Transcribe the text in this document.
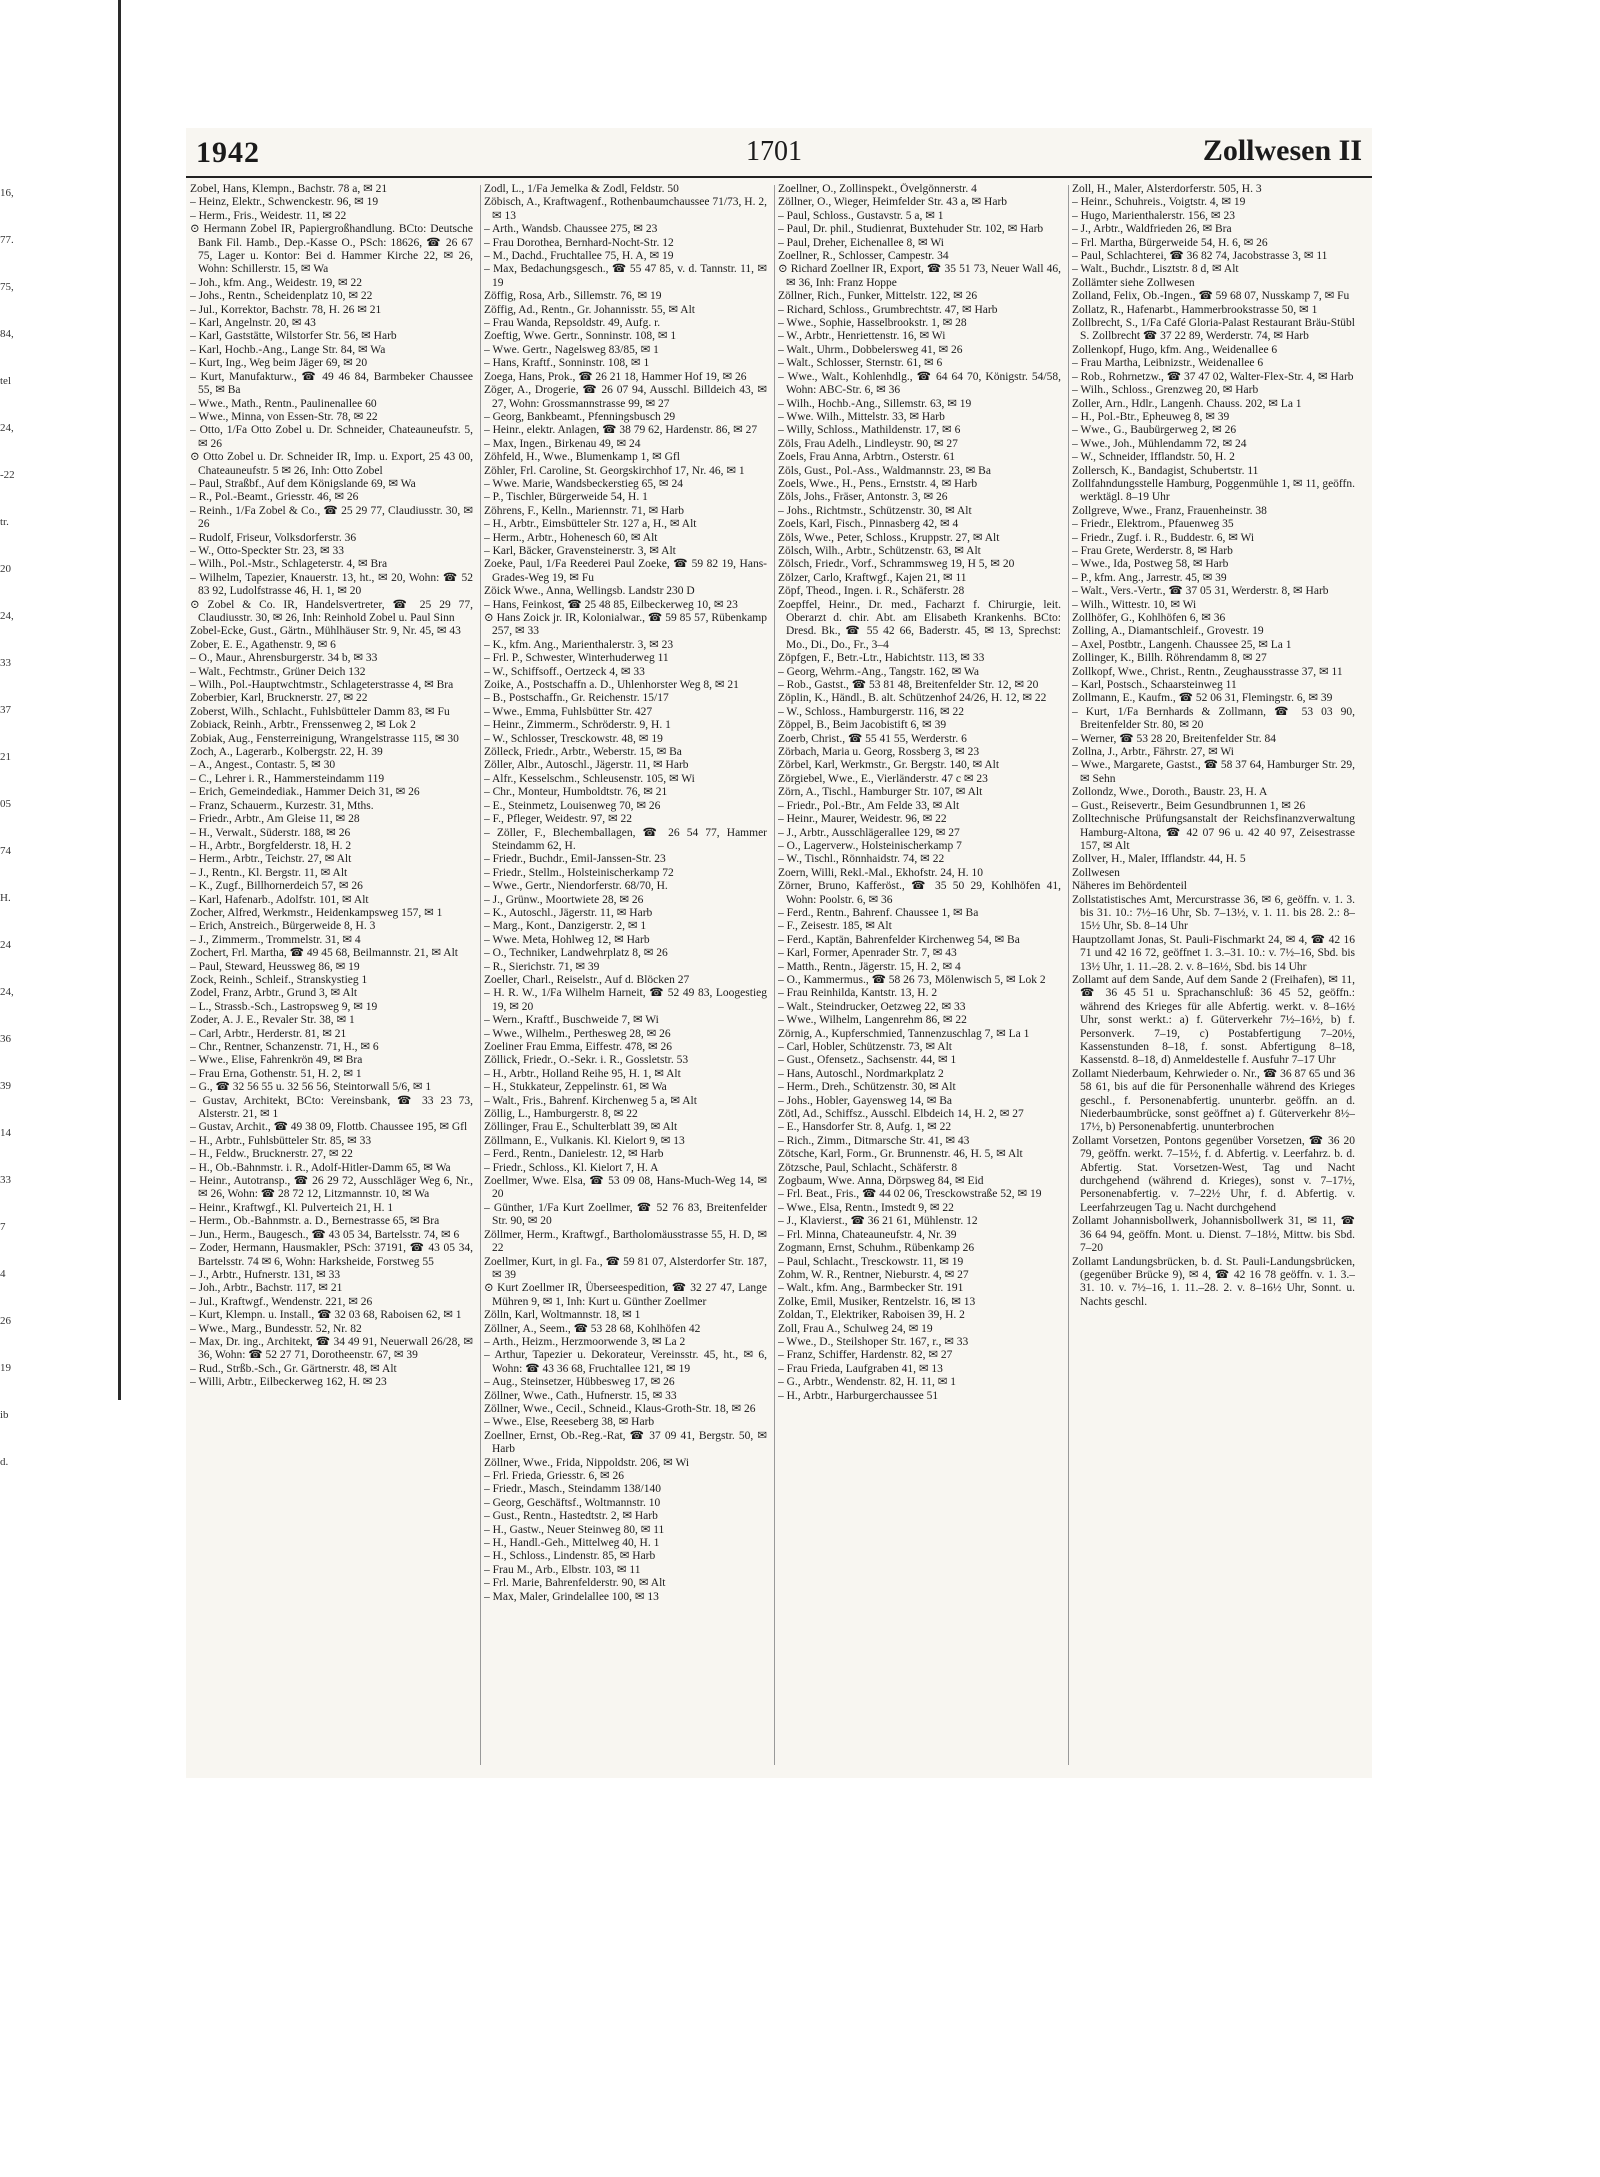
16,
77.
75,
84,
tel
24,
-22
tr.
20
24,
33
37
21
05
74
H.
24
24,
36
39
14
33
7
4
26
19
ib
d.
1942	1701	Zollwesen II

Zobel, Hans, Klempn., Bachstr. 78 a, ✉ 21

– Heinz, Elektr., Schwenckestr. 96, ✉ 19

– Herm., Fris., Weidestr. 11, ✉ 22

⊙ Hermann Zobel IR, Papiergroßhandlung. BCto: Deutsche Bank Fil. Hamb., Dep.-Kasse O., PSch: 18626, ☎ 26 67 75, Lager u. Kontor: Bei d. Hammer Kirche 22, ✉ 26, Wohn: Schillerstr. 15, ✉ Wa

– Joh., kfm. Ang., Weidestr. 19, ✉ 22

– Johs., Rentn., Scheidenplatz 10, ✉ 22

– Jul., Korrektor, Bachstr. 78, H. 26 ✉ 21

– Karl, Angelnstr. 20, ✉ 43

– Karl, Gaststätte, Wilstorfer Str. 56, ✉ Harb

– Karl, Hochb.-Ang., Lange Str. 84, ✉ Wa

– Kurt, Ing., Weg beim Jäger 69, ✉ 20

– Kurt, Manufakturw., ☎ 49 46 84, Barmbeker Chaussee 55, ✉ Ba

– Wwe., Math., Rentn., Paulinenallee 60

– Wwe., Minna, von Essen-Str. 78, ✉ 22

– Otto, 1/Fa Otto Zobel u. Dr. Schneider, Chateauneufstr. 5, ✉ 26

⊙ Otto Zobel u. Dr. Schneider IR, Imp. u. Export, 25 43 00, Chateauneufstr. 5 ✉ 26, Inh: Otto Zobel

– Paul, Straßbf., Auf dem Königslande 69, ✉ Wa

– R., Pol.-Beamt., Griesstr. 46, ✉ 26

– Reinh., 1/Fa Zobel & Co., ☎ 25 29 77, Claudiusstr. 30, ✉ 26

– Rudolf, Friseur, Volksdorferstr. 36

– W., Otto-Speckter Str. 23, ✉ 33

– Wilh., Pol.-Mstr., Schlageterstr. 4, ✉ Bra

– Wilhelm, Tapezier, Knauerstr. 13, ht., ✉ 20, Wohn: ☎ 52 83 92, Ludolfstrasse 46, H. 1, ✉ 20

⊙ Zobel & Co. IR, Handelsvertreter, ☎ 25 29 77, Claudiusstr. 30, ✉ 26, Inh: Reinhold Zobel u. Paul Sinn

Zobel-Ecke, Gust., Gärtn., Mühlhäuser Str. 9, Nr. 45, ✉ 43

Zober, E. E., Agathenstr. 9, ✉ 6

– O., Maur., Ahrensburgerstr. 34 b, ✉ 33

– Walt., Fechtmstr., Grüner Deich 132

– Wilh., Pol.-Hauptwchtmstr., Schlageterstrasse 4, ✉ Bra

Zoberbier, Karl, Brucknerstr. 27, ✉ 22

Zoberst, Wilh., Schlacht., Fuhlsbütteler Damm 83, ✉ Fu

Zobiack, Reinh., Arbtr., Frenssenweg 2, ✉ Lok 2

Zobiak, Aug., Fensterreinigung, Wrangelstrasse 115, ✉ 30

Zoch, A., Lagerarb., Kolbergstr. 22, H. 39

– A., Angest., Contastr. 5, ✉ 30

– C., Lehrer i. R., Hammersteindamm 119

– Erich, Gemeindediak., Hammer Deich 31, ✉ 26

– Franz, Schauerm., Kurzestr. 31, Mths.

– Friedr., Arbtr., Am Gleise 11, ✉ 28

– H., Verwalt., Süderstr. 188, ✉ 26

– H., Arbtr., Borgfelderstr. 18, H. 2

– Herm., Arbtr., Teichstr. 27, ✉ Alt

– J., Rentn., Kl. Bergstr. 11, ✉ Alt

– K., Zugf., Billhornerdeich 57, ✉ 26

– Karl, Hafenarb., Adolfstr. 101, ✉ Alt

Zocher, Alfred, Werkmstr., Heidenkampsweg 157, ✉ 1

– Erich, Anstreich., Bürgerweide 8, H. 3

– J., Zimmerm., Trommelstr. 31, ✉ 4

Zochert, Frl. Martha, ☎ 49 45 68, Beilmannstr. 21, ✉ Alt

– Paul, Steward, Heussweg 86, ✉ 19

Zock, Reinh., Schleif., Stranskystieg 1

Zodel, Franz, Arbtr., Grund 3, ✉ Alt

– L., Strassb.-Sch., Lastropsweg 9, ✉ 19

Zoder, A. J. E., Revaler Str. 38, ✉ 1

– Carl, Arbtr., Herderstr. 81, ✉ 21

– Chr., Rentner, Schanzenstr. 71, H., ✉ 6

– Wwe., Elise, Fahrenkrön 49, ✉ Bra

– Frau Erna, Gothenstr. 51, H. 2, ✉ 1

– G., ☎ 32 56 55 u. 32 56 56, Steintorwall 5/6, ✉ 1

– Gustav, Architekt, BCto: Vereinsbank, ☎ 33 23 73, Alsterstr. 21, ✉ 1

– Gustav, Archit., ☎ 49 38 09, Flottb. Chaussee 195, ✉ Gfl

– H., Arbtr., Fuhlsbütteler Str. 85, ✉ 33

– H., Feldw., Brucknerstr. 27, ✉ 22

– H., Ob.-Bahnmstr. i. R., Adolf-Hitler-Damm 65, ✉ Wa

– Heinr., Autotransp., ☎ 26 29 72, Ausschläger Weg 6, Nr., ✉ 26, Wohn: ☎ 28 72 12, Litzmannstr. 10, ✉ Wa

– Heinr., Kraftwgf., Kl. Pulverteich 21, H. 1

– Herm., Ob.-Bahnmstr. a. D., Bernestrasse 65, ✉ Bra

– Jun., Herm., Baugesch., ☎ 43 05 34, Bartelsstr. 74, ✉ 6

– Zoder, Hermann, Hausmakler, PSch: 37191, ☎ 43 05 34, Bartelsstr. 74 ✉ 6, Wohn: Harksheide, Forstweg 55

– J., Arbtr., Hufnerstr. 131, ✉ 33

– Joh., Arbtr., Bachstr. 117, ✉ 21

– Jul., Kraftwgf., Wendenstr. 221, ✉ 26

– Kurt, Klempn. u. Install., ☎ 32 03 68, Raboisen 62, ✉ 1

– Wwe., Marg., Bundesstr. 52, Nr. 82

– Max, Dr. ing., Architekt, ☎ 34 49 91, Neuerwall 26/28, ✉ 36, Wohn: ☎ 52 27 71, Dorotheenstr. 67, ✉ 39

– Rud., Strßb.-Sch., Gr. Gärtnerstr. 48, ✉ Alt

– Willi, Arbtr., Eilbeckerweg 162, H. ✉ 23

Zodl, L., 1/Fa Jemelka & Zodl, Feldstr. 50

Zöbisch, A., Kraftwagenf., Rothenbaumchaussee 71/73, H. 2, ✉ 13

– Arth., Wandsb. Chaussee 275, ✉ 23

– Frau Dorothea, Bernhard-Nocht-Str. 12

– M., Dachd., Fruchtallee 75, H. A, ✉ 19

– Max, Bedachungsgesch., ☎ 55 47 85, v. d. Tannstr. 11, ✉ 19

Zöffig, Rosa, Arb., Sillemstr. 76, ✉ 19

Zöffig, Ad., Rentn., Gr. Johannisstr. 55, ✉ Alt

– Frau Wanda, Repsoldstr. 49, Aufg. r.

Zoeftig, Wwe. Gertr., Sonninstr. 108, ✉ 1

– Wwe. Gertr., Nagelsweg 83/85, ✉ 1

– Hans, Kraftf., Sonninstr. 108, ✉ 1

Zoega, Hans, Prok., ☎ 26 21 18, Hammer Hof 19, ✉ 26

Zöger, A., Drogerie, ☎ 26 07 94, Ausschl. Billdeich 43, ✉ 27, Wohn: Grossmannstrasse 99, ✉ 27

– Georg, Bankbeamt., Pfenningsbusch 29

– Heinr., elektr. Anlagen, ☎ 38 79 62, Hardenstr. 86, ✉ 27

– Max, Ingen., Birkenau 49, ✉ 24

Zöhfeld, H., Wwe., Blumenkamp 1, ✉ Gfl

Zöhler, Frl. Caroline, St. Georgskirchhof 17, Nr. 46, ✉ 1

– Wwe. Marie, Wandsbeckerstieg 65, ✉ 24

– P., Tischler, Bürgerweide 54, H. 1

Zöhrens, F., Kelln., Mariennstr. 71, ✉ Harb

– H., Arbtr., Eimsbütteler Str. 127 a, H., ✉ Alt

– Herm., Arbtr., Hohenesch 60, ✉ Alt

– Karl, Bäcker, Gravensteinerstr. 3, ✉ Alt

Zoeke, Paul, 1/Fa Reederei Paul Zoeke, ☎ 59 82 19, Hans-Grades-Weg 19, ✉ Fu

Zöick Wwe., Anna, Wellingsb. Landstr 230 D

– Hans, Feinkost, ☎ 25 48 85, Eilbeckerweg 10, ✉ 23

⊙ Hans Zoick jr. IR, Kolonialwar., ☎ 59 85 57, Rübenkamp 257, ✉ 33

– K., kfm. Ang., Marienthalerstr. 3, ✉ 23

– Frl. P., Schwester, Winterhuderweg 11

– W., Schiffsoff., Oertzeck 4, ✉ 33

Zoike, A., Postschaffn a. D., Uhlenhorster Weg 8, ✉ 21

– B., Postschaffn., Gr. Reichenstr. 15/17

– Wwe., Emma, Fuhlsbütter Str. 427

– Heinr., Zimmerm., Schröderstr. 9, H. 1

– W., Schlosser, Tresckowstr. 48, ✉ 19

Zölleck, Friedr., Arbtr., Weberstr. 15, ✉ Ba

Zöller, Albr., Autoschl., Jägerstr. 11, ✉ Harb

– Alfr., Kesselschm., Schleusenstr. 105, ✉ Wi

– Chr., Monteur, Humboldtstr. 76, ✉ 21

– E., Steinmetz, Louisenweg 70, ✉ 26

– F., Pfleger, Weidestr. 97, ✉ 22

– Zöller, F., Blechemballagen, ☎ 26 54 77, Hammer Steindamm 62, H.

– Friedr., Buchdr., Emil-Janssen-Str. 23

– Friedr., Stellm., Holsteinischerkamp 72

– Wwe., Gertr., Niendorferstr. 68/70, H.

– J., Grünw., Moortwiete 28, ✉ 26

– K., Autoschl., Jägerstr. 11, ✉ Harb

– Marg., Kont., Danzigerstr. 2, ✉ 1

– Wwe. Meta, Hohlweg 12, ✉ Harb

– O., Techniker, Landwehrplatz 8, ✉ 26

– R., Sierichstr. 71, ✉ 39

Zoeller, Charl., Reiselstr., Auf d. Blöcken 27

– H. R. W., 1/Fa Wilhelm Harneit, ☎ 52 49 83, Loogestieg 19, ✉ 20

– Wern., Kraftf., Buschweide 7, ✉ Wi

– Wwe., Wilhelm., Perthesweg 28, ✉ 26

Zoeliner Frau Emma, Eiffestr. 478, ✉ 26

Zöllick, Friedr., O.-Sekr. i. R., Gossletstr. 53

– H., Arbtr., Holland Reihe 95, H. 1, ✉ Alt

– H., Stukkateur, Zeppelinstr. 61, ✉ Wa

– Walt., Fris., Bahrenf. Kirchenweg 5 a, ✉ Alt

Zöllig, L., Hamburgerstr. 8, ✉ 22

Zöllinger, Frau E., Schulterblatt 39, ✉ Alt

Zöllmann, E., Vulkanis. Kl. Kielort 9, ✉ 13

– Ferd., Rentn., Danielestr. 12, ✉ Harb

– Friedr., Schloss., Kl. Kielort 7, H. A

Zoellmer, Wwe. Elsa, ☎ 53 09 08, Hans-Much-Weg 14, ✉ 20

– Günther, 1/Fa Kurt Zoellmer, ☎ 52 76 83, Breitenfelder Str. 90, ✉ 20

Zöllmer, Herm., Kraftwgf., Bartholomäusstrasse 55, H. D, ✉ 22

Zoellmer, Kurt, in gl. Fa., ☎ 59 81 07, Alsterdorfer Str. 187, ✉ 39

⊙ Kurt Zoellmer IR, Überseespedition, ☎ 32 27 47, Lange Mühren 9, ✉ 1, Inh: Kurt u. Günther Zoellmer

Zölln, Karl, Woltmannstr. 18, ✉ 1

Zöllner, A., Seem., ☎ 53 28 68, Kohlhöfen 42

– Arth., Heizm., Herzmoorwende 3, ✉ La 2

– Arthur, Tapezier u. Dekorateur, Vereinsstr. 45, ht., ✉ 6, Wohn: ☎ 43 36 68, Fruchtallee 121, ✉ 19

– Aug., Steinsetzer, Hübbesweg 17, ✉ 26

Zöllner, Wwe., Cath., Hufnerstr. 15, ✉ 33

Zöllner, Wwe., Cecil., Schneid., Klaus-Groth-Str. 18, ✉ 26

– Wwe., Else, Reeseberg 38, ✉ Harb

Zoellner, Ernst, Ob.-Reg.-Rat, ☎ 37 09 41, Bergstr. 50, ✉ Harb

Zöllner, Wwe., Frida, Nippoldstr. 206, ✉ Wi

– Frl. Frieda, Griesstr. 6, ✉ 26

– Friedr., Masch., Steindamm 138/140

– Georg, Geschäftsf., Woltmannstr. 10

– Gust., Rentn., Hastedtstr. 2, ✉ Harb

– H., Gastw., Neuer Steinweg 80, ✉ 11

– H., Handl.-Geh., Mittelweg 40, H. 1

– H., Schloss., Lindenstr. 85, ✉ Harb

– Frau M., Arb., Elbstr. 103, ✉ 11

– Frl. Marie, Bahrenfelderstr. 90, ✉ Alt

– Max, Maler, Grindelallee 100, ✉ 13

Zoellner, O., Zollinspekt., Övelgönnerstr. 4

Zöllner, O., Wieger, Heimfelder Str. 43 a, ✉ Harb

– Paul, Schloss., Gustavstr. 5 a, ✉ 1

– Paul, Dr. phil., Studienrat, Buxtehuder Str. 102, ✉ Harb

– Paul, Dreher, Eichenallee 8, ✉ Wi

Zoellner, R., Schlosser, Campestr. 34

⊙ Richard Zoellner IR, Export, ☎ 35 51 73, Neuer Wall 46, ✉ 36, Inh: Franz Hoppe

Zöllner, Rich., Funker, Mittelstr. 122, ✉ 26

– Richard, Schloss., Grumbrechtstr. 47, ✉ Harb

– Wwe., Sophie, Hasselbrookstr. 1, ✉ 28

– W., Arbtr., Henriettenstr. 16, ✉ Wi

– Walt., Uhrm., Dobbelersweg 41, ✉ 26

– Walt., Schlosser, Sternstr. 61, ✉ 6

– Wwe., Walt., Kohlenhdlg., ☎ 64 64 70, Königstr. 54/58, Wohn: ABC-Str. 6, ✉ 36

– Wilh., Hochb.-Ang., Sillemstr. 63, ✉ 19

– Wwe. Wilh., Mittelstr. 33, ✉ Harb

– Willy, Schloss., Mathildenstr. 17, ✉ 6

Zöls, Frau Adelh., Lindleystr. 90, ✉ 27

Zoels, Frau Anna, Arbtrn., Osterstr. 61

Zöls, Gust., Pol.-Ass., Waldmannstr. 23, ✉ Ba

Zoels, Wwe., H., Pens., Ernststr. 4, ✉ Harb

Zöls, Johs., Fräser, Antonstr. 3, ✉ 26

– Johs., Richtmstr., Schützenstr. 30, ✉ Alt

Zoels, Karl, Fisch., Pinnasberg 42, ✉ 4

Zöls, Wwe., Peter, Schloss., Kruppstr. 27, ✉ Alt

Zölsch, Wilh., Arbtr., Schützenstr. 63, ✉ Alt

Zölsch, Friedr., Vorf., Schrammsweg 19, H 5, ✉ 20

Zölzer, Carlo, Kraftwgf., Kajen 21, ✉ 11

Zöpf, Theod., Ingen. i. R., Schäferstr. 28

Zoepffel, Heinr., Dr. med., Facharzt f. Chirurgie, leit. Oberarzt d. chir. Abt. am Elisabeth Krankenhs. BCto: Dresd. Bk., ☎ 55 42 66, Baderstr. 45, ✉ 13, Sprechst: Mo., Di., Do., Fr., 3–4

Zöpfgen, F., Betr.-Ltr., Habichtstr. 113, ✉ 33

– Georg, Wehrm.-Ang., Tangstr. 162, ✉ Wa

– Rob., Gastst., ☎ 53 81 48, Breitenfelder Str. 12, ✉ 20

Zöplin, K., Händl., B. alt. Schützenhof 24/26, H. 12, ✉ 22

– W., Schloss., Hamburgerstr. 116, ✉ 22

Zöppel, B., Beim Jacobistift 6, ✉ 39

Zoerb, Christ., ☎ 55 41 55, Werderstr. 6

Zörbach, Maria u. Georg, Rossberg 3, ✉ 23

Zörbel, Karl, Werkmstr., Gr. Bergstr. 140, ✉ Alt

Zörgiebel, Wwe., E., Vierländerstr. 47 c ✉ 23

Zörn, A., Tischl., Hamburger Str. 107, ✉ Alt

– Friedr., Pol.-Btr., Am Felde 33, ✉ Alt

– Heinr., Maurer, Weidestr. 96, ✉ 22

– J., Arbtr., Ausschlägerallee 129, ✉ 27

– O., Lagerverw., Holsteinischerkamp 7

– W., Tischl., Rönnhaidstr. 74, ✉ 22

Zoern, Willi, Rekl.-Mal., Ekhofstr. 24, H. 10

Zörner, Bruno, Kafferöst., ☎ 35 50 29, Kohlhöfen 41, Wohn: Poolstr. 6, ✉ 36

– Ferd., Rentn., Bahrenf. Chaussee 1, ✉ Ba

– F., Zeisestr. 185, ✉ Alt

– Ferd., Kaptän, Bahrenfelder Kirchenweg 54, ✉ Ba

– Karl, Former, Apenrader Str. 7, ✉ 43

– Matth., Rentn., Jägerstr. 15, H. 2, ✉ 4

– O., Kammermus., ☎ 58 26 73, Mölenwisch 5, ✉ Lok 2

– Frau Reinhilda, Kantstr. 13, H. 2

– Walt., Steindrucker, Oetzweg 22, ✉ 33

– Wwe., Wilhelm, Langenrehm 86, ✉ 22

Zörnig, A., Kupferschmied, Tannenzuschlag 7, ✉ La 1

– Carl, Hobler, Schützenstr. 73, ✉ Alt

– Gust., Ofensetz., Sachsenstr. 44, ✉ 1

– Hans, Autoschl., Nordmarkplatz 2

– Herm., Dreh., Schützenstr. 30, ✉ Alt

– Johs., Hobler, Gayensweg 14, ✉ Ba

Zötl, Ad., Schiffsz., Ausschl. Elbdeich 14, H. 2, ✉ 27

– E., Hansdorfer Str. 8, Aufg. 1, ✉ 22

– Rich., Zimm., Ditmarsche Str. 41, ✉ 43

Zötsche, Karl, Form., Gr. Brunnenstr. 46, H. 5, ✉ Alt

Zötzsche, Paul, Schlacht., Schäferstr. 8

Zogbaum, Wwe. Anna, Dörpsweg 84, ✉ Eid

– Frl. Beat., Fris., ☎ 44 02 06, Tresckowstraße 52, ✉ 19

– Wwe., Elsa, Rentn., Imstedt 9, ✉ 22

– J., Klavierst., ☎ 36 21 61, Mühlenstr. 12

– Frl. Minna, Chateauneufstr. 4, Nr. 39

Zogmann, Ernst, Schuhm., Rübenkamp 26

– Paul, Schlacht., Tresckowstr. 11, ✉ 19

Zohm, W. R., Rentner, Nieburstr. 4, ✉ 27

– Walt., kfm. Ang., Barmbecker Str. 191

Zolke, Emil, Musiker, Rentzelstr. 16, ✉ 13

Zoldan, T., Elektriker, Raboisen 39, H. 2

Zoll, Frau A., Schulweg 24, ✉ 19

– Wwe., D., Steilshoper Str. 167, r., ✉ 33

– Franz, Schiffer, Hardenstr. 82, ✉ 27

– Frau Frieda, Laufgraben 41, ✉ 13

– G., Arbtr., Wendenstr. 82, H. 11, ✉ 1

– H., Arbtr., Harburgerchaussee 51

Zoll, H., Maler, Alsterdorferstr. 505, H. 3

– Heinr., Schuhreis., Voigtstr. 4, ✉ 19

– Hugo, Marienthalerstr. 156, ✉ 23

– J., Arbtr., Waldfrieden 26, ✉ Bra

– Frl. Martha, Bürgerweide 54, H. 6, ✉ 26

– Paul, Schlachterei, ☎ 36 82 74, Jacobstrasse 3, ✉ 11

– Walt., Buchdr., Lisztstr. 8 d, ✉ Alt

Zollämter siehe Zollwesen

Zolland, Felix, Ob.-Ingen., ☎ 59 68 07, Nusskamp 7, ✉ Fu

Zollatz, R., Hafenarbt., Hammerbrookstrasse 50, ✉ 1

Zollbrecht, S., 1/Fa Café Gloria-Palast Restaurant Bräu-Stübl S. Zollbrecht ☎ 37 22 89, Werderstr. 74, ✉ Harb

Zollenkopf, Hugo, kfm. Ang., Weidenallee 6

– Frau Martha, Leibnizstr., Weidenallee 6

– Rob., Rohrnetzw., ☎ 37 47 02, Walter-Flex-Str. 4, ✉ Harb

– Wilh., Schloss., Grenzweg 20, ✉ Harb

Zoller, Arn., Hdlr., Langenh. Chauss. 202, ✉ La 1

– H., Pol.-Btr., Epheuweg 8, ✉ 39

– Wwe., G., Baubürgerweg 2, ✉ 26

– Wwe., Joh., Mühlendamm 72, ✉ 24

– W., Schneider, Ifflandstr. 50, H. 2

Zollersch, K., Bandagist, Schubertstr. 11

Zollfahndungsstelle Hamburg, Poggenmühle 1, ✉ 11, geöffn. werktägl. 8–19 Uhr

Zollgreve, Wwe., Franz, Frauenheinstr. 38

– Friedr., Elektrom., Pfauenweg 35

– Friedr., Zugf. i. R., Buddestr. 6, ✉ Wi

– Frau Grete, Werderstr. 8, ✉ Harb

– Wwe., Ida, Postweg 58, ✉ Harb

– P., kfm. Ang., Jarrestr. 45, ✉ 39

– Walt., Vers.-Vertr., ☎ 37 05 31, Werderstr. 8, ✉ Harb

– Wilh., Wittestr. 10, ✉ Wi

Zollhöfer, G., Kohlhöfen 6, ✉ 36

Zolling, A., Diamantschleif., Grovestr. 19

– Axel, Postbtr., Langenh. Chaussee 25, ✉ La 1

Zollinger, K., Billh. Röhrendamm 8, ✉ 27

Zollkopf, Wwe., Christ., Rentn., Zeughausstrasse 37, ✉ 11

– Karl, Postsch., Schaarsteinweg 11

Zollmann, E., Kaufm., ☎ 52 06 31, Flemingstr. 6, ✉ 39

– Kurt, 1/Fa Bernhards & Zollmann, ☎ 53 03 90, Breitenfelder Str. 80, ✉ 20

– Werner, ☎ 53 28 20, Breitenfelder Str. 84

Zollna, J., Arbtr., Fährstr. 27, ✉ Wi

– Wwe., Margarete, Gastst., ☎ 58 37 64, Hamburger Str. 29, ✉ Sehn

Zollondz, Wwe., Doroth., Baustr. 23, H. A

– Gust., Reisevertr., Beim Gesundbrunnen 1, ✉ 26

Zolltechnische Prüfungsanstalt der Reichsfinanzverwaltung Hamburg-Altona, ☎ 42 07 96 u. 42 40 97, Zeisestrasse 157, ✉ Alt

Zollver, H., Maler, Ifflandstr. 44, H. 5

Zollwesen

Näheres im Behördenteil

Zollstatistisches Amt, Mercurstrasse 36, ✉ 6, geöffn. v. 1. 3. bis 31. 10.: 7½–16 Uhr, Sb. 7–13½, v. 1. 11. bis 28. 2.: 8–15½ Uhr, Sb. 8–14 Uhr

Hauptzollamt Jonas, St. Pauli-Fischmarkt 24, ✉ 4, ☎ 42 16 71 und 42 16 72, geöffnet 1. 3.–31. 10.: v. 7½–16, Sbd. bis 13½ Uhr, 1. 11.–28. 2. v. 8–16½, Sbd. bis 14 Uhr

Zollamt auf dem Sande, Auf dem Sande 2 (Freihafen), ✉ 11, ☎ 36 45 51 u. Sprachanschluß: 36 45 52, geöffn.: während des Krieges für alle Abfertig. werkt. v. 8–16½ Uhr, sonst werkt.: a) f. Güterverkehr 7½–16½, b) f. Personverk. 7–19, c) Postabfertigung 7–20½, Kassenstunden 8–18, f. sonst. Abfertigung 8–18, Kassenstd. 8–18, d) Anmeldestelle f. Ausfuhr 7–17 Uhr

Zollamt Niederbaum, Kehrwieder o. Nr., ☎ 36 87 65 und 36 58 61, bis auf die für Personenhalle während des Krieges geschl., f. Personenabfertig. ununterbr. geöffn. an d. Niederbaumbrücke, sonst geöffnet a) f. Güterverkehr 8½–17½, b) Personenabfertig. ununterbrochen

Zollamt Vorsetzen, Pontons gegenüber Vorsetzen, ☎ 36 20 79, geöffn. werkt. 7–15½, f. d. Abfertig. v. Leerfahrz. b. d. Abfertig. Stat. Vorsetzen-West, Tag und Nacht durchgehend (während d. Krieges), sonst v. 7–17½, Personenabfertig. v. 7–22½ Uhr, f. d. Abfertig. v. Leerfahrzeugen Tag u. Nacht durchgehend

Zollamt Johannisbollwerk, Johannisbollwerk 31, ✉ 11, ☎ 36 64 94, geöffn. Mont. u. Dienst. 7–18½, Mittw. bis Sbd. 7–20

Zollamt Landungsbrücken, b. d. St. Pauli-Landungsbrücken, (gegenüber Brücke 9), ✉ 4, ☎ 42 16 78 geöffn. v. 1. 3.–31. 10. v. 7½–16, 1. 11.–28. 2. v. 8–16½ Uhr, Sonnt. u. Nachts geschl.
